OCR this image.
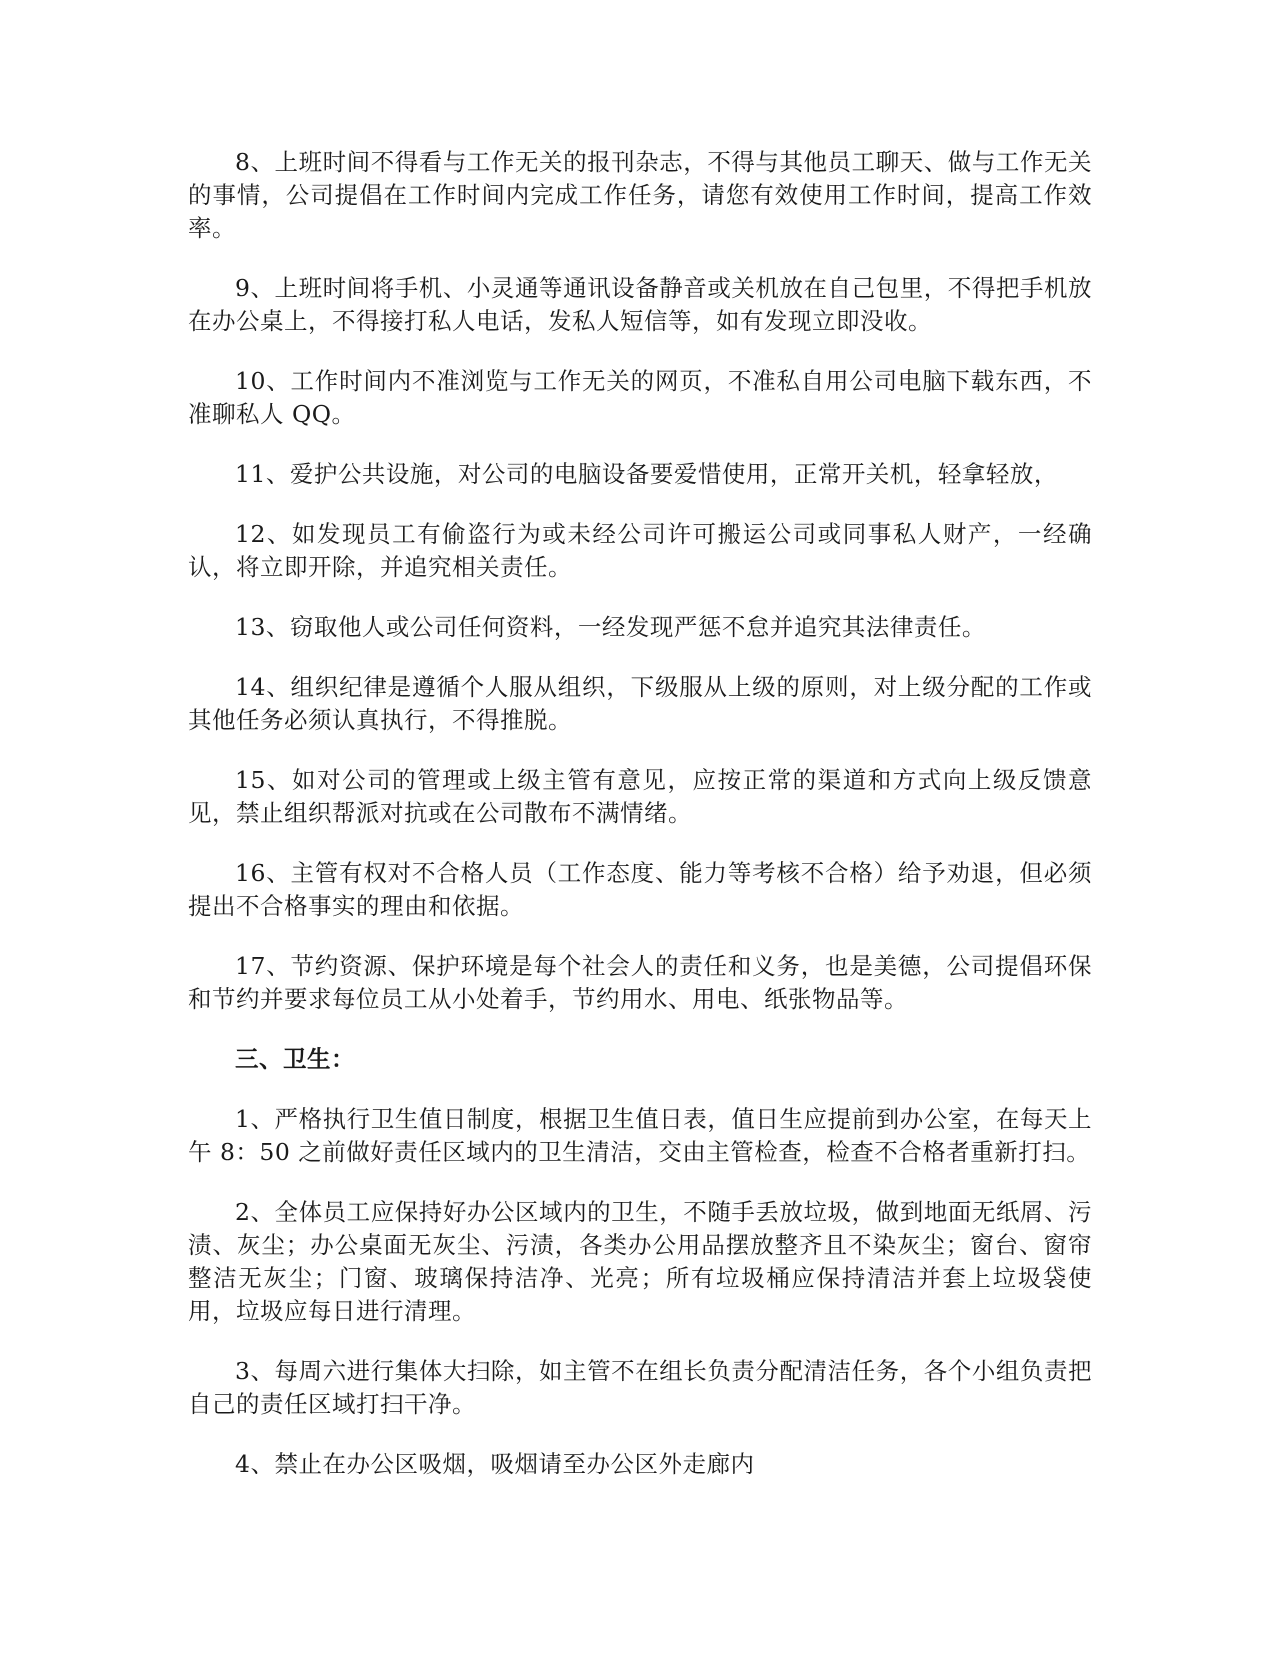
8、上班时间不得看与工作无关的报刊杂志，不得与其他员工聊天、做与工作无关的事情，公司提倡在工作时间内完成工作任务，请您有效使用工作时间，提高工作效率。

9、上班时间将手机、小灵通等通讯设备静音或关机放在自己包里，不得把手机放在办公桌上，不得接打私人电话，发私人短信等，如有发现立即没收。

10、工作时间内不准浏览与工作无关的网页，不准私自用公司电脑下载东西，不准聊私人 QQ。

11、爱护公共设施，对公司的电脑设备要爱惜使用，正常开关机，轻拿轻放，

12、如发现员工有偷盗行为或未经公司许可搬运公司或同事私人财产，一经确认，将立即开除，并追究相关责任。

13、窃取他人或公司任何资料，一经发现严惩不怠并追究其法律责任。

14、组织纪律是遵循个人服从组织，下级服从上级的原则，对上级分配的工作或其他任务必须认真执行，不得推脱。

15、如对公司的管理或上级主管有意见，应按正常的渠道和方式向上级反馈意见，禁止组织帮派对抗或在公司散布不满情绪。

16、主管有权对不合格人员（工作态度、能力等考核不合格）给予劝退，但必须提出不合格事实的理由和依据。

17、节约资源、保护环境是每个社会人的责任和义务，也是美德，公司提倡环保和节约并要求每位员工从小处着手，节约用水、用电、纸张物品等。

三、卫生：

1、严格执行卫生值日制度，根据卫生值日表，值日生应提前到办公室，在每天上午 8：50 之前做好责任区域内的卫生清洁，交由主管检查，检查不合格者重新打扫。

2、全体员工应保持好办公区域内的卫生，不随手丢放垃圾，做到地面无纸屑、污渍、灰尘；办公桌面无灰尘、污渍，各类办公用品摆放整齐且不染灰尘；窗台、窗帘整洁无灰尘；门窗、玻璃保持洁净、光亮；所有垃圾桶应保持清洁并套上垃圾袋使用，垃圾应每日进行清理。

3、每周六进行集体大扫除，如主管不在组长负责分配清洁任务，各个小组负责把自己的责任区域打扫干净。

4、禁止在办公区吸烟，吸烟请至办公区外走廊内
